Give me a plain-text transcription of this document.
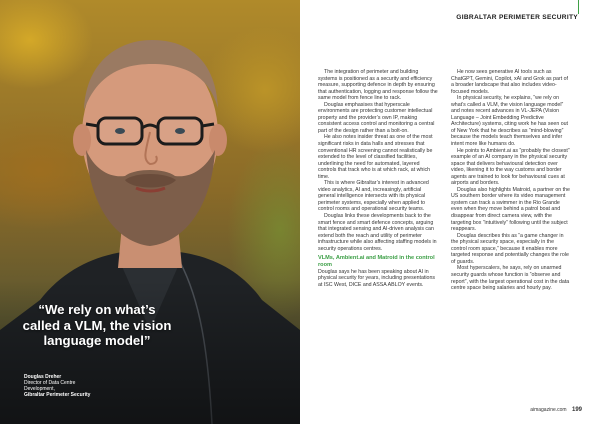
“We rely on what’s called a VLM, the vision language model”
Douglas Dreher
Director of Data Centre
Development,
Gibraltar Perimeter Security
GIBRALTAR PERIMETER SECURITY

The integration of perimeter and building systems is positioned as a security and efficiency measure, supporting defence in depth by ensuring that authentication, logging and response follow the same model from fence line to rack.

Douglas emphasises that hyperscale environments are protecting customer intellectual property and the provider’s own IP, making consistent access control and monitoring a central part of the design rather than a bolt-on.

He also notes insider threat as one of the most significant risks in data halls and stresses that conventional HR screening cannot realistically be extended to the level of classified facilities, underlining the need for automated, layered controls that track who is at which rack, at which time.

This is where Gibraltar’s interest in advanced video analytics, AI and, increasingly, artificial general intelligence intersects with its physical perimeter systems, especially when applied to control rooms and operational security teams.

Douglas links these developments back to the smart fence and smart defence concepts, arguing that integrated sensing and AI-driven analysis can extend both the reach and utility of perimeter infrastructure while also affecting staffing models in security operations centres.

VLMs, Ambient.ai and Matroid in the control room

Douglas says he has been speaking about AI in physical security for years, including presentations at ISC West, DICE and ASSA ABLOY events.

He now sees generative AI tools such as ChatGPT, Gemini, Copilot, xAI and Grok as part of a broader landscape that also includes video-focused models.

In physical security, he explains, “we rely on what’s called a VLM, the vision language model” and notes recent advances in VL-JEPA (Vision Language – Joint Embedding Predictive Architecture) systems, citing work he has seen out of New York that he describes as “mind-blowing” because the models teach themselves and infer intent more like humans do.

He points to Ambient.ai as “probably the closest” example of an AI company in the physical security space that delivers behavioural detection over video, likening it to the way customs and border agents are trained to look for behavioural cues at airports and borders.

Douglas also highlights Matroid, a partner on the US southern border where its video management system can track a swimmer in the Rio Grande even when they move behind a patrol boat and disappear from direct camera view, with the targeting box “intuitively” following until the subject reappears.

Douglas describes this as “a game changer in the physical security space, especially in the control room space,” because it enables more targeted response and potentially changes the role of guards.

Most hyperscalers, he says, rely on unarmed security guards whose function is “observe and report”, with the largest operational cost in the data centre space being salaries and hourly pay.

aimagazine.com 199
